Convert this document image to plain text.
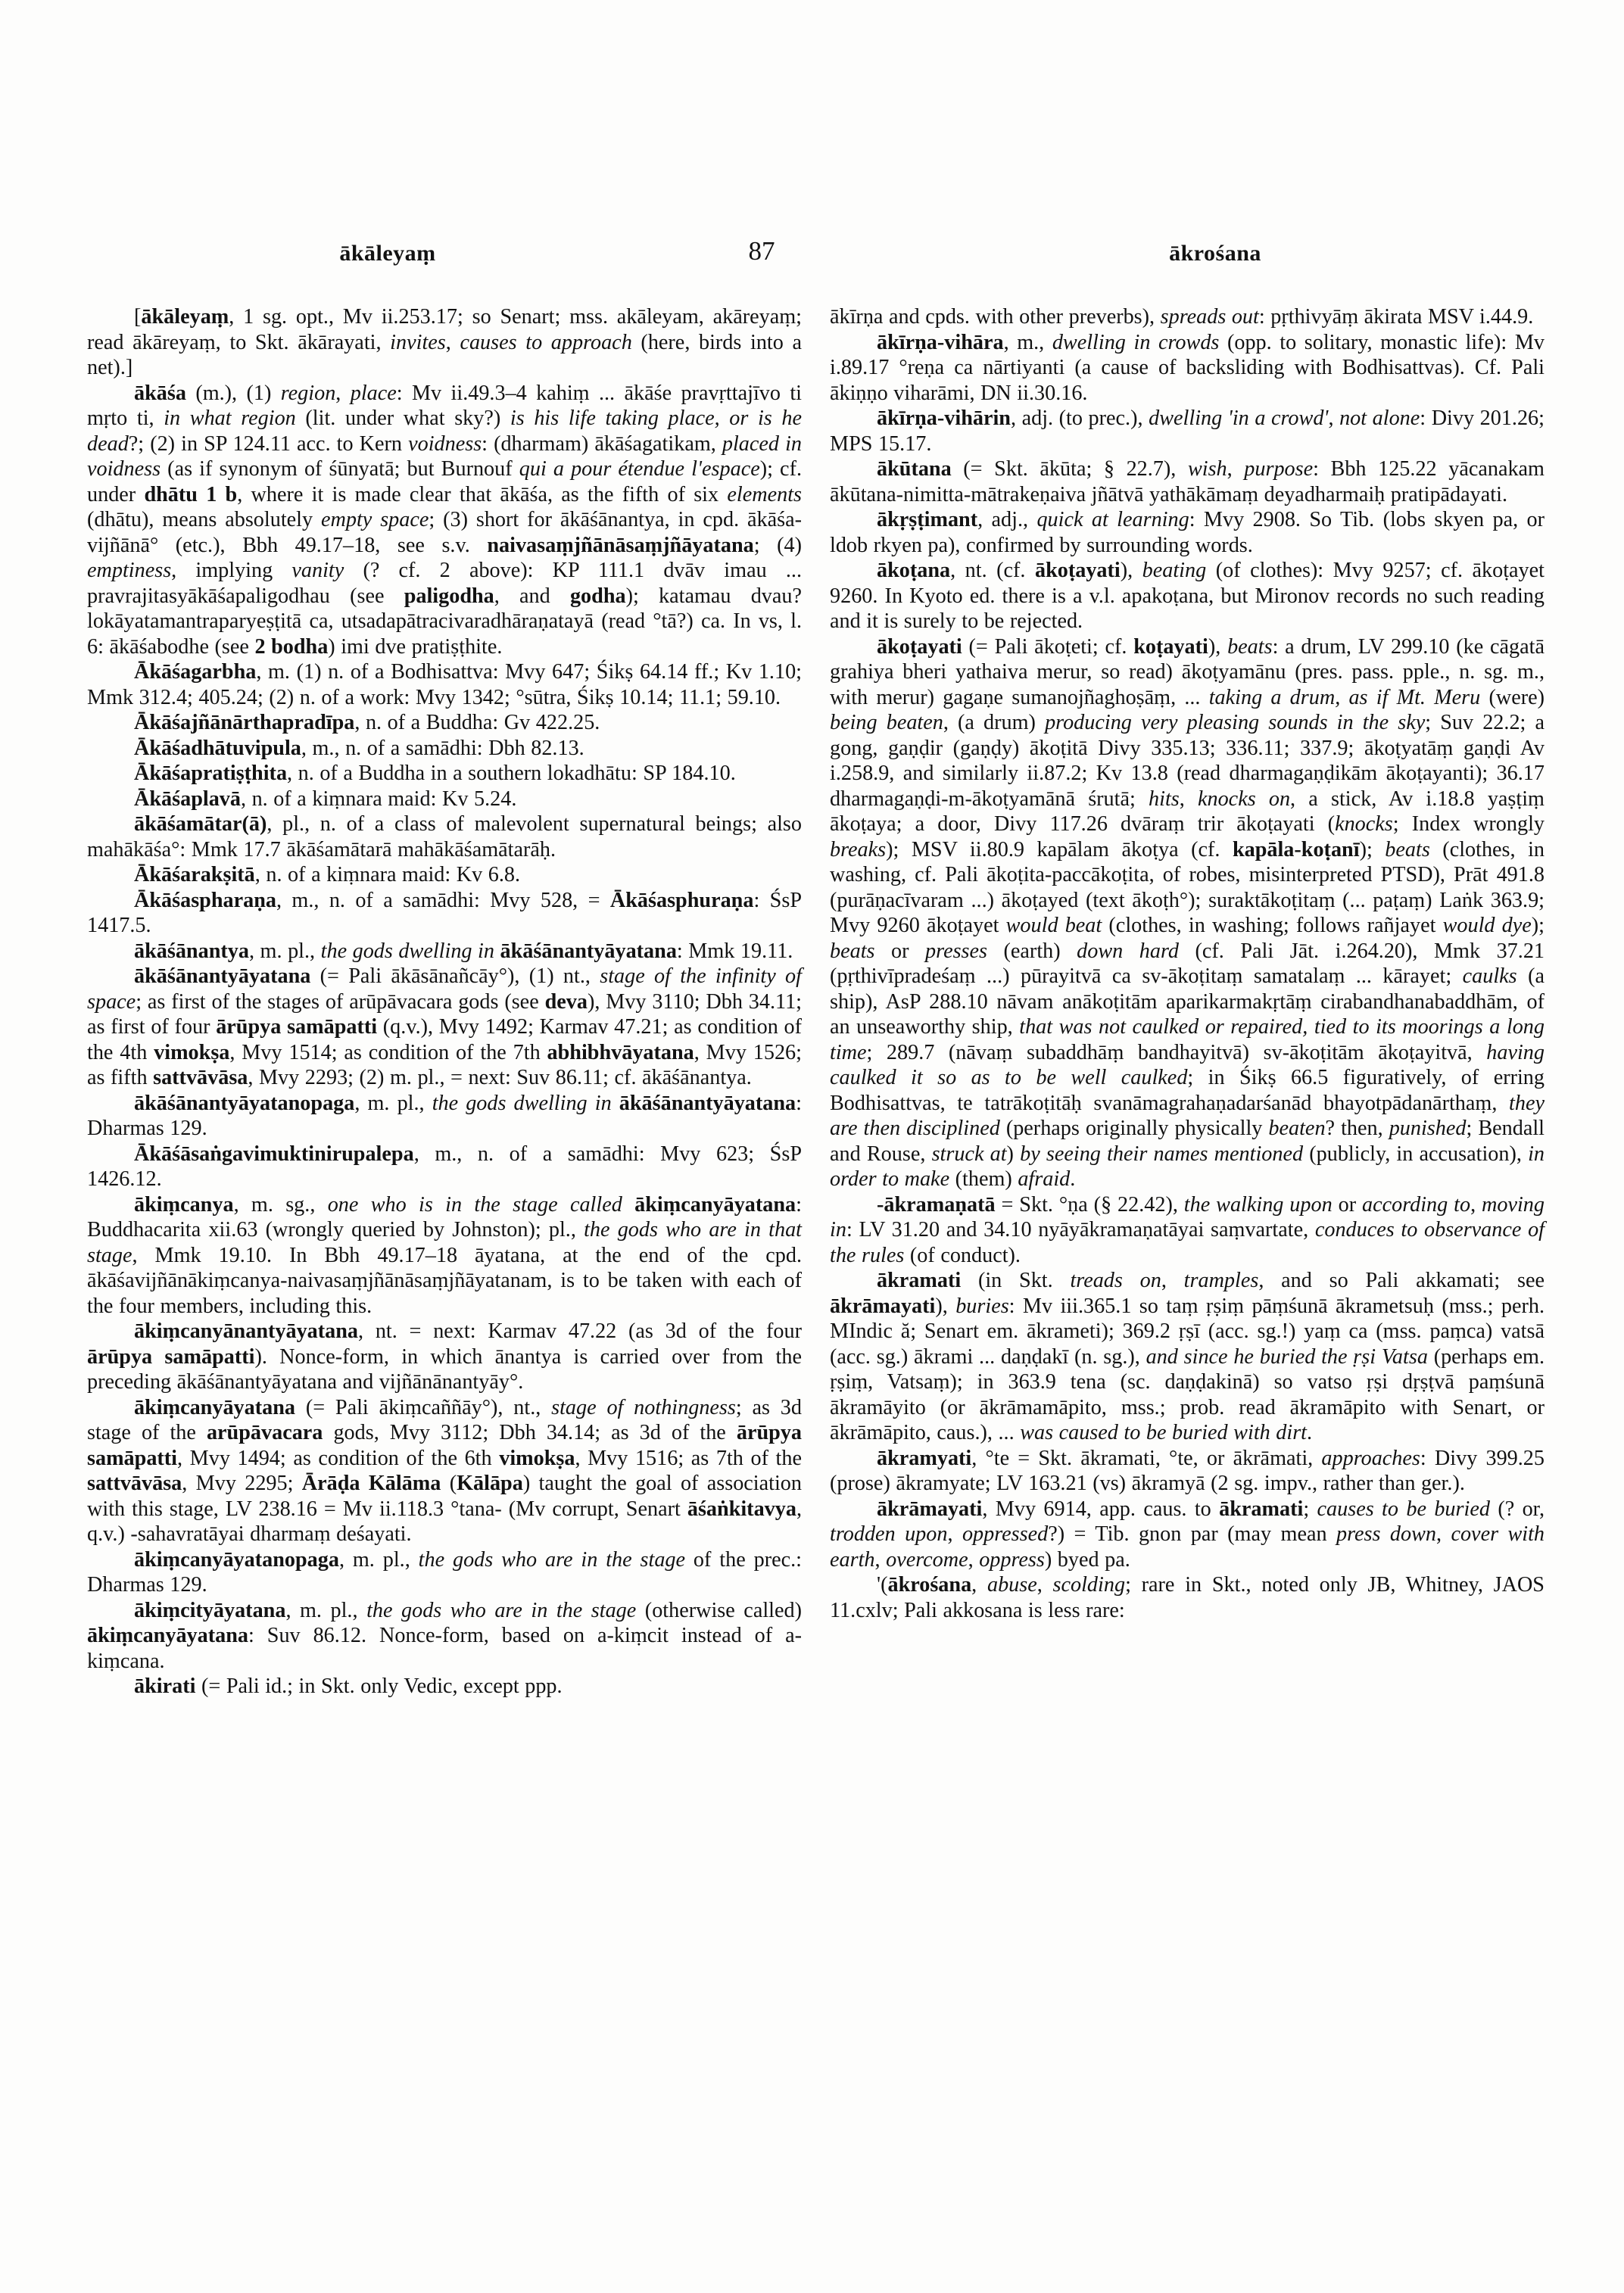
ākāleyaṃ	87	ākrośana

[ākāleyaṃ, 1 sg. opt., Mv ii.253.17; so Senart; mss. akāleyam, akāreyaṃ; read ākāreyaṃ, to Skt. ākārayati, invites, causes to approach (here, birds into a net).]

ākāśa (m.), (1) region, place: Mv ii.49.3–4 kahiṃ ... ākāśe pravṛttajīvo ti mṛto ti, in what region (lit. under what sky?) is his life taking place, or is he dead?; (2) in SP 124.11 acc. to Kern voidness: (dharmam) ākāśagatikam, placed in voidness (as if synonym of śūnyatā; but Burnouf qui a pour étendue l'espace); cf. under dhātu 1 b, where it is made clear that ākāśa, as the fifth of six elements (dhātu), means absolutely empty space; (3) short for ākāśānantya, in cpd. ākāśa-vijñānā° (etc.), Bbh 49.17–18, see s.v. naivasaṃjñānāsaṃjñāyatana; (4) emptiness, implying vanity (? cf. 2 above): KP 111.1 dvāv imau ... pravrajitasyākāśapaligodhau (see paligodha, and godha); katamau dvau? lokāyatamantraparyeṣṭitā ca, utsadapātracivaradhāraṇatayā (read °tā?) ca. In vs, l. 6: ākāśabodhe (see 2 bodha) imi dve pratiṣṭhite.

Ākāśagarbha, m. (1) n. of a Bodhisattva: Mvy 647; Śikṣ 64.14 ff.; Kv 1.10; Mmk 312.4; 405.24; (2) n. of a work: Mvy 1342; °sūtra, Śikṣ 10.14; 11.1; 59.10.

Ākāśajñānārthapradīpa, n. of a Buddha: Gv 422.25.

Ākāśadhātuvipula, m., n. of a samādhi: Dbh 82.13.

Ākāśapratiṣṭhita, n. of a Buddha in a southern lokadhātu: SP 184.10.

Ākāśaplavā, n. of a kiṃnara maid: Kv 5.24.

ākāśamātar(ā), pl., n. of a class of malevolent supernatural beings; also mahākāśa°: Mmk 17.7 ākāśamātarā mahākāśamātarāḥ.

Ākāśarakṣitā, n. of a kiṃnara maid: Kv 6.8.

Ākāśaspharaṇa, m., n. of a samādhi: Mvy 528, = Ākāśasphuraṇa: ŚsP 1417.5.

ākāśānantya, m. pl., the gods dwelling in ākāśānantyāyatana: Mmk 19.11.

ākāśānantyāyatana (= Pali ākāsānañcāy°), (1) nt., stage of the infinity of space; as first of the stages of arūpāvacara gods (see deva), Mvy 3110; Dbh 34.11; as first of four ārūpya samāpatti (q.v.), Mvy 1492; Karmav 47.21; as condition of the 4th vimokṣa, Mvy 1514; as condition of the 7th abhibhvāyatana, Mvy 1526; as fifth sattvāvāsa, Mvy 2293; (2) m. pl., = next: Suv 86.11; cf. ākāśānantya.

ākāśānantyāyatanopaga, m. pl., the gods dwelling in ākāśānantyāyatana: Dharmas 129.

Ākāśāsaṅgavimuktinirupalepa, m., n. of a samādhi: Mvy 623; ŚsP 1426.12.

ākiṃcanya, m. sg., one who is in the stage called ākiṃcanyāyatana: Buddhacarita xii.63 (wrongly queried by Johnston); pl., the gods who are in that stage, Mmk 19.10. In Bbh 49.17–18 āyatana, at the end of the cpd. ākāśavijñānākiṃcanya-naivasaṃjñānāsaṃjñāyatanam, is to be taken with each of the four members, including this.

ākiṃcanyānantyāyatana, nt. = next: Karmav 47.22 (as 3d of the four ārūpya samāpatti). Nonce-form, in which ānantya is carried over from the preceding ākāśānantyāyatana and vijñānānantyāy°.

ākiṃcanyāyatana (= Pali ākiṃcaññāy°), nt., stage of nothingness; as 3d stage of the arūpāvacara gods, Mvy 3112; Dbh 34.14; as 3d of the ārūpya samāpatti, Mvy 1494; as condition of the 6th vimokṣa, Mvy 1516; as 7th of the sattvāvāsa, Mvy 2295; Ārāḍa Kālāma (Kālāpa) taught the goal of association with this stage, LV 238.16 = Mv ii.118.3 °tana- (Mv corrupt, Senart āśaṅkitavya, q.v.) -sahavratāyai dharmaṃ deśayati.

ākiṃcanyāyatanopaga, m. pl., the gods who are in the stage of the prec.: Dharmas 129.

ākiṃcityāyatana, m. pl., the gods who are in the stage (otherwise called) ākiṃcanyāyatana: Suv 86.12. Nonce-form, based on a-kiṃcit instead of a-kiṃcana.

ākirati (= Pali id.; in Skt. only Vedic, except ppp.

ākīrṇa and cpds. with other preverbs), spreads out: pṛthivyāṃ ākirata MSV i.44.9.

ākīrṇa-vihāra, m., dwelling in crowds (opp. to solitary, monastic life): Mv i.89.17 °reṇa ca nārtiyanti (a cause of backsliding with Bodhisattvas). Cf. Pali ākiṇṇo viharāmi, DN ii.30.16.

ākīrṇa-vihārin, adj. (to prec.), dwelling 'in a crowd', not alone: Divy 201.26; MPS 15.17.

ākūtana (= Skt. ākūta; § 22.7), wish, purpose: Bbh 125.22 yācanakam ākūtana-nimitta-mātrakeṇaiva jñātvā yathākāmaṃ deyadharmaiḥ pratipādayati.

ākṛṣṭimant, adj., quick at learning: Mvy 2908. So Tib. (lobs skyen pa, or ldob rkyen pa), confirmed by surrounding words.

ākoṭana, nt. (cf. ākoṭayati), beating (of clothes): Mvy 9257; cf. ākoṭayet 9260. In Kyoto ed. there is a v.l. apakoṭana, but Mironov records no such reading and it is surely to be rejected.

ākoṭayati (= Pali ākoṭeti; cf. koṭayati), beats: a drum, LV 299.10 (ke cāgatā grahiya bheri yathaiva merur, so read) ākoṭyamānu (pres. pass. pple., n. sg. m., with merur) gagaṇe sumanojñaghoṣāṃ, ... taking a drum, as if Mt. Meru (were) being beaten, (a drum) producing very pleasing sounds in the sky; Suv 22.2; a gong, gaṇḍir (gaṇḍy) ākoṭitā Divy 335.13; 336.11; 337.9; ākoṭyatāṃ gaṇḍi Av i.258.9, and similarly ii.87.2; Kv 13.8 (read dharmagaṇḍikām ākoṭayanti); 36.17 dharmagaṇḍi-m-ākoṭyamānā śrutā; hits, knocks on, a stick, Av i.18.8 yaṣṭiṃ ākoṭaya; a door, Divy 117.26 dvāraṃ trir ākoṭayati (knocks; Index wrongly breaks); MSV ii.80.9 kapālam ākoṭya (cf. kapāla-koṭanī); beats (clothes, in washing, cf. Pali ākoṭita-paccākoṭita, of robes, misinterpreted PTSD), Prāt 491.8 (purāṇacīvaram ...) ākoṭayed (text ākoṭh°); suraktākoṭitaṃ (... paṭaṃ) Laṅk 363.9; Mvy 9260 ākoṭayet would beat (clothes, in washing; follows rañjayet would dye); beats or presses (earth) down hard (cf. Pali Jāt. i.264.20), Mmk 37.21 (pṛthivīpradeśaṃ ...) pūrayitvā ca sv-ākoṭitaṃ samatalaṃ ... kārayet; caulks (a ship), AsP 288.10 nāvam anākoṭitām aparikarmakṛtāṃ cirabandhanabaddhām, of an unseaworthy ship, that was not caulked or repaired, tied to its moorings a long time; 289.7 (nāvaṃ subaddhāṃ bandhayitvā) sv-ākoṭitām ākoṭayitvā, having caulked it so as to be well caulked; in Śikṣ 66.5 figuratively, of erring Bodhisattvas, te tatrākoṭitāḥ svanāmagrahaṇadarśanād bhayotpādanārthaṃ, they are then disciplined (perhaps originally physically beaten? then, punished; Bendall and Rouse, struck at) by seeing their names mentioned (publicly, in accusation), in order to make (them) afraid.

-ākramaṇatā = Skt. °ṇa (§ 22.42), the walking upon or according to, moving in: LV 31.20 and 34.10 nyāyākramaṇatāyai saṃvartate, conduces to observance of the rules (of conduct).

ākramati (in Skt. treads on, tramples, and so Pali akkamati; see ākrāmayati), buries: Mv iii.365.1 so taṃ ṛṣiṃ pāṃśunā ākrametsuḥ (mss.; perh. MIndic ă; Senart em. ākrameti); 369.2 ṛṣī (acc. sg.!) yaṃ ca (mss. paṃca) vatsā (acc. sg.) ākrami ... daṇḍakī (n. sg.), and since he buried the ṛṣi Vatsa (perhaps em. ṛṣiṃ, Vatsaṃ); in 363.9 tena (sc. daṇḍakinā) so vatso ṛṣi dṛṣṭvā paṃśunā ākramāyito (or ākrāmamāpito, mss.; prob. read ākramāpito with Senart, or ākrāmāpito, caus.), ... was caused to be buried with dirt.

ākramyati, °te = Skt. ākramati, °te, or ākrāmati, approaches: Divy 399.25 (prose) ākramyate; LV 163.21 (vs) ākramyā (2 sg. impv., rather than ger.).

ākrāmayati, Mvy 6914, app. caus. to ākramati; causes to be buried (? or, trodden upon, oppressed?) = Tib. gnon par (may mean press down, cover with earth, overcome, oppress) byed pa.

'(ākrośana, abuse, scolding; rare in Skt., noted only JB, Whitney, JAOS 11.cxlv; Pali akkosana is less rare:
